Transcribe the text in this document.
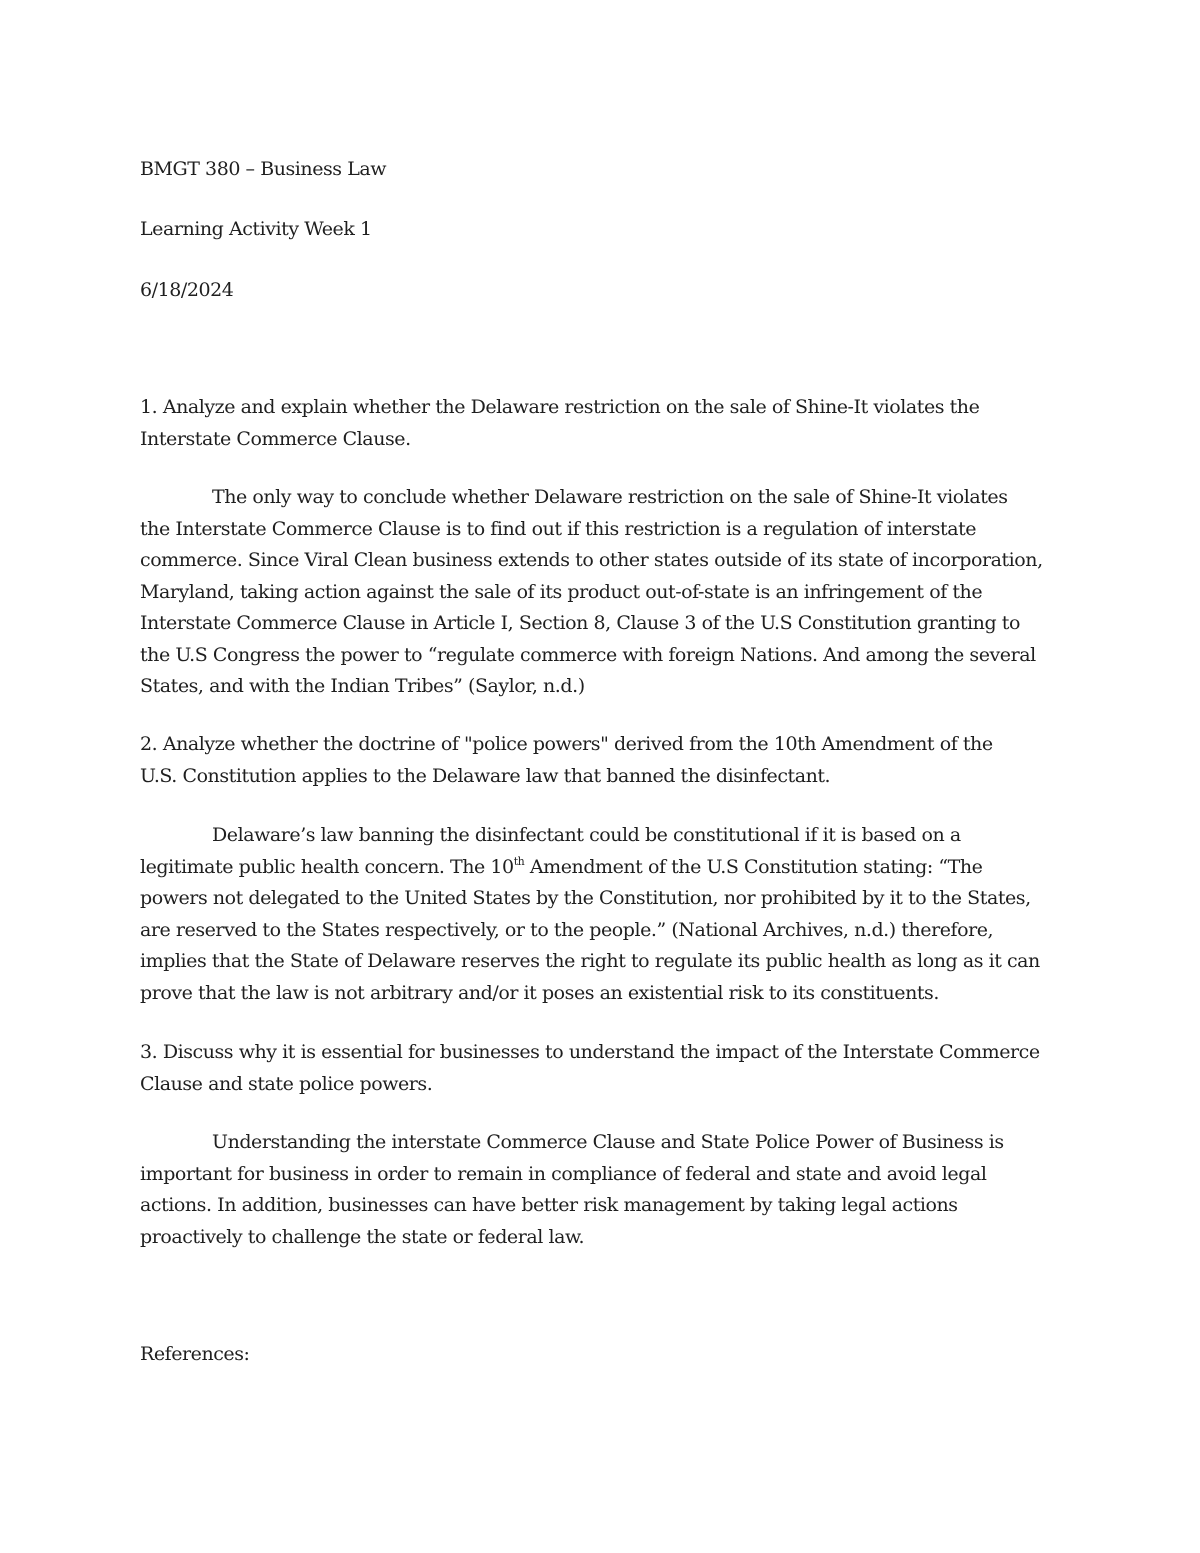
BMGT 380 – Business Law

Learning Activity Week 1

6/18/2024

1. Analyze and explain whether the Delaware restriction on the sale of Shine-It violates the
Interstate Commerce Clause.

The only way to conclude whether Delaware restriction on the sale of Shine-It violates
the Interstate Commerce Clause is to find out if this restriction is a regulation of interstate
commerce. Since Viral Clean business extends to other states outside of its state of incorporation,
Maryland, taking action against the sale of its product out-of-state is an infringement of the
Interstate Commerce Clause in Article I, Section 8, Clause 3 of the U.S Constitution granting to
the U.S Congress the power to “regulate commerce with foreign Nations. And among the several
States, and with the Indian Tribes” (Saylor, n.d.)

2. Analyze whether the doctrine of "police powers" derived from the 10th Amendment of the
U.S. Constitution applies to the Delaware law that banned the disinfectant.

Delaware’s law banning the disinfectant could be constitutional if it is based on a
legitimate public health concern. The 10th Amendment of the U.S Constitution stating: “The
powers not delegated to the United States by the Constitution, nor prohibited by it to the States,
are reserved to the States respectively, or to the people.” (National Archives, n.d.) therefore,
implies that the State of Delaware reserves the right to regulate its public health as long as it can
prove that the law is not arbitrary and/or it poses an existential risk to its constituents.

3. Discuss why it is essential for businesses to understand the impact of the Interstate Commerce
Clause and state police powers.

Understanding the interstate Commerce Clause and State Police Power of Business is
important for business in order to remain in compliance of federal and state and avoid legal
actions. In addition, businesses can have better risk management by taking legal actions
proactively to challenge the state or federal law.

References:
